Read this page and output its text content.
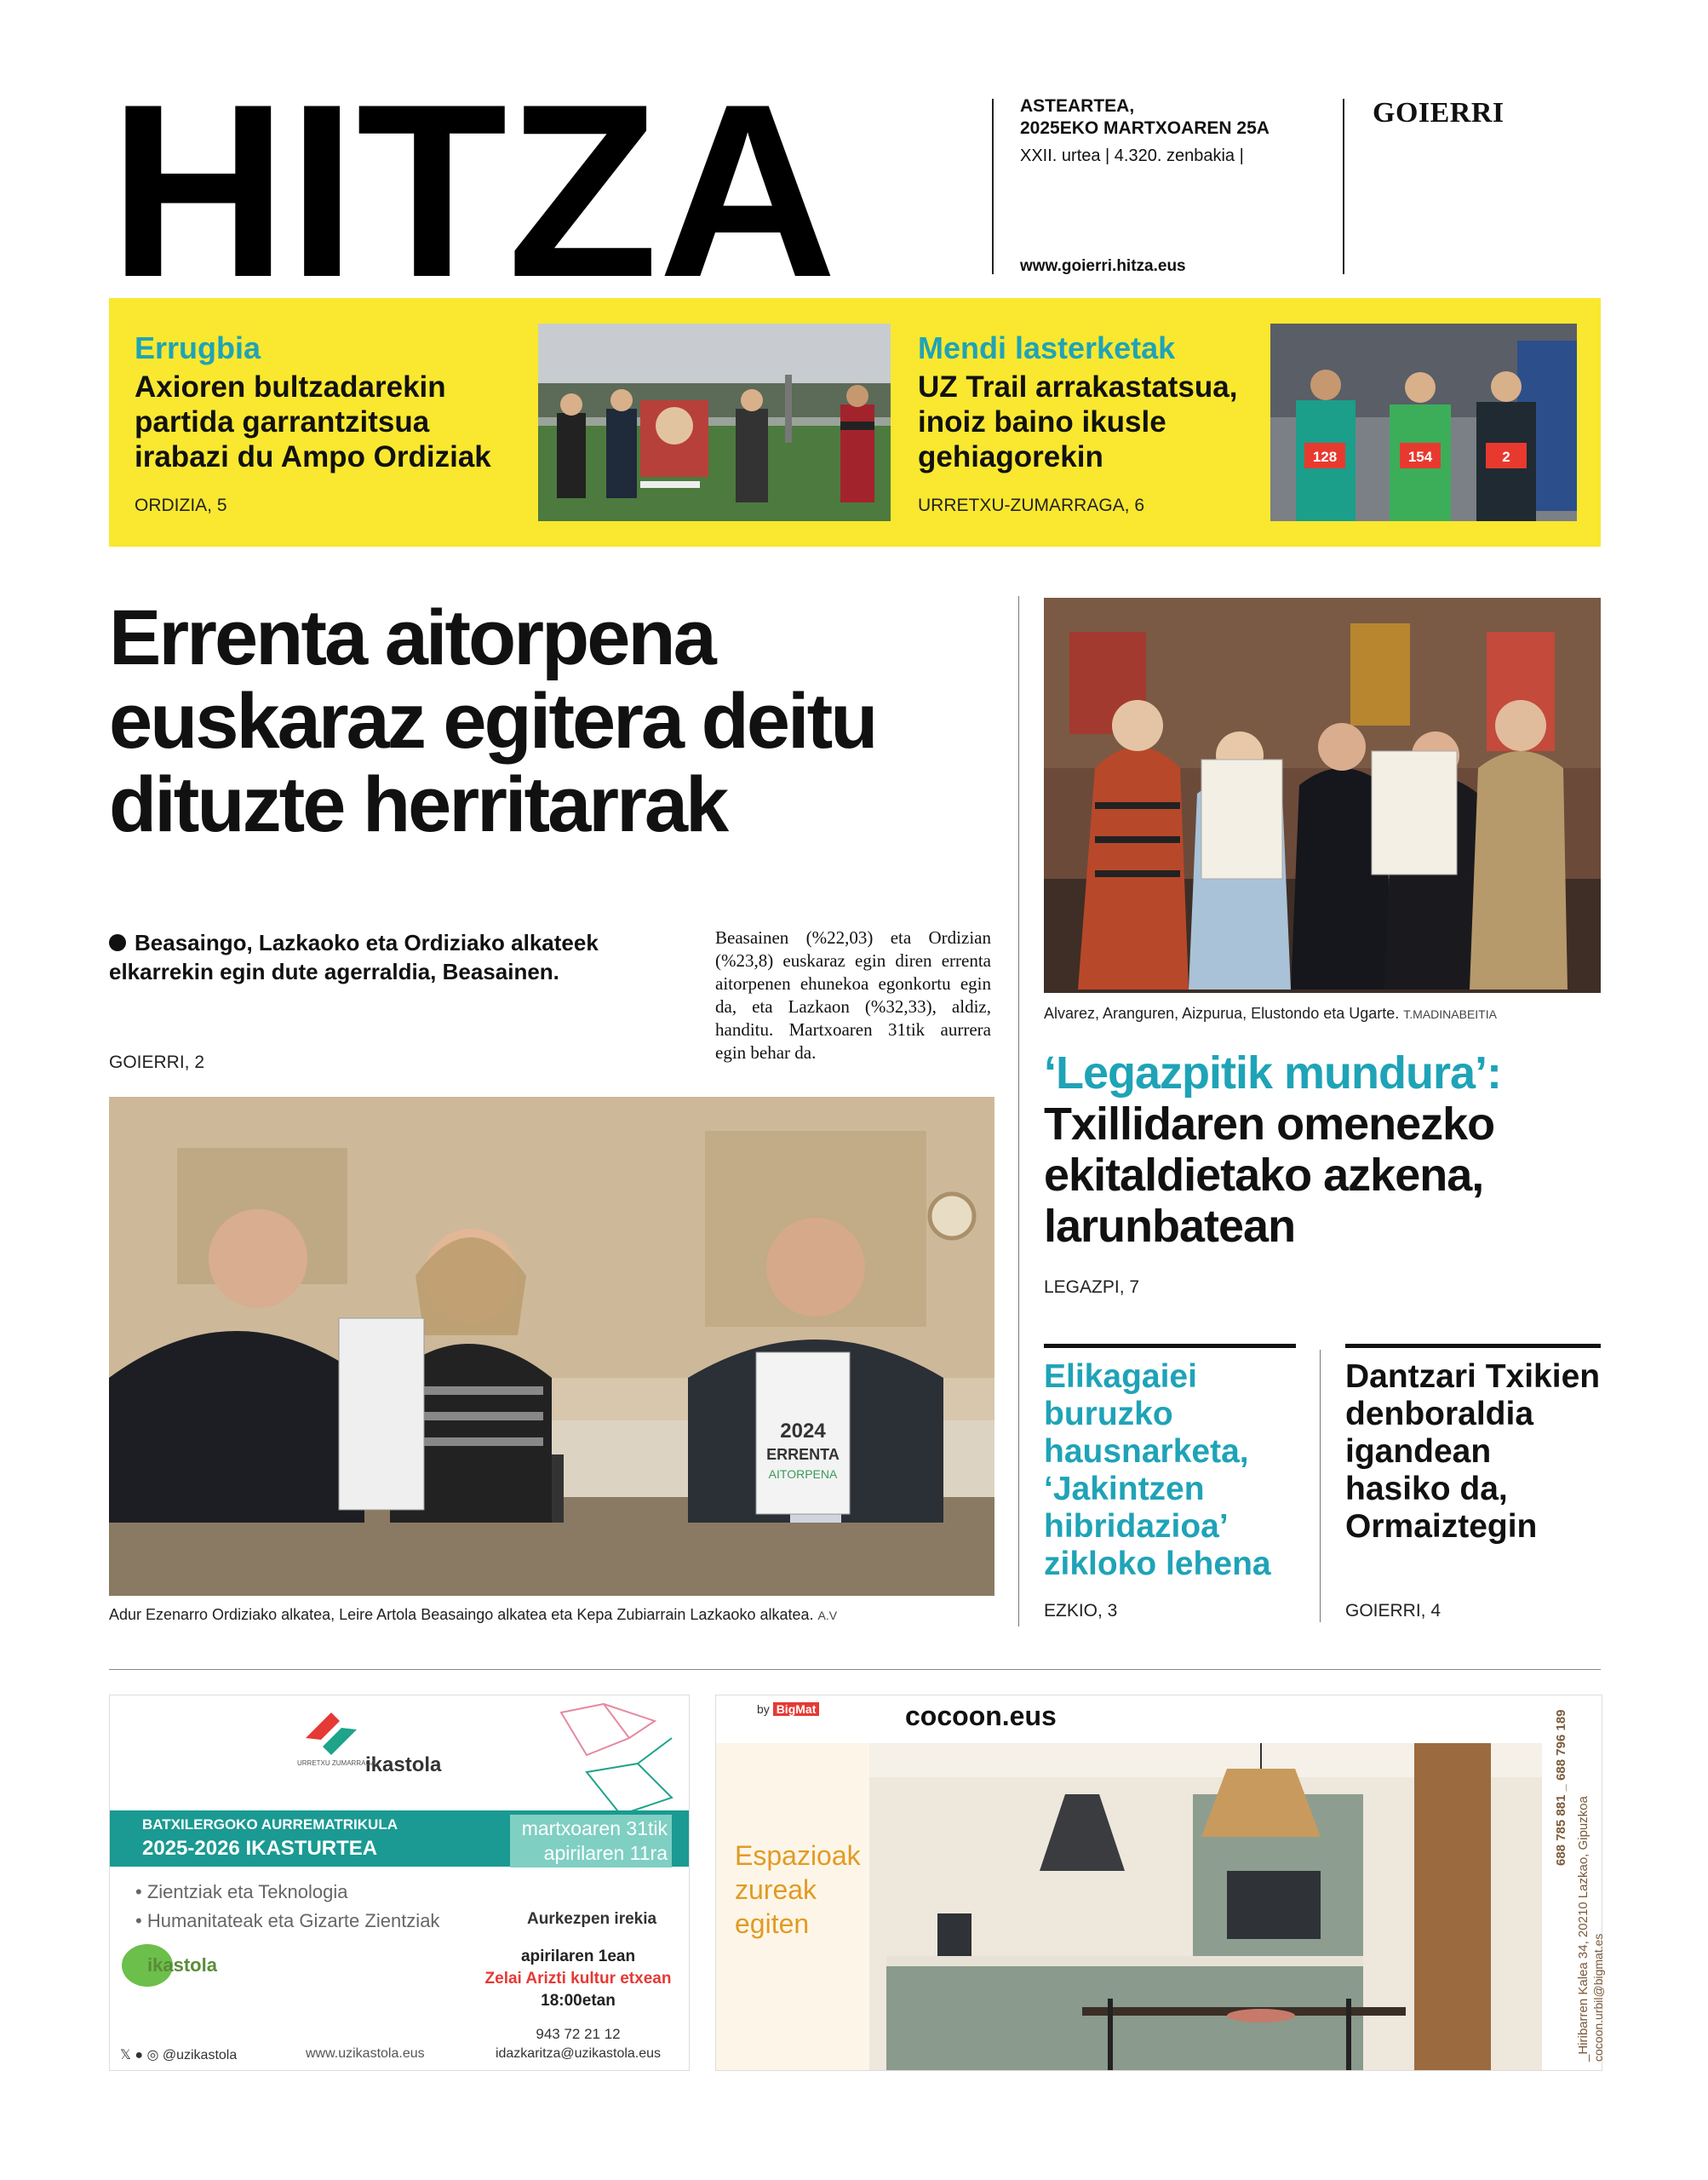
HITZA	ASTEARTEA,
2025EKO MARTXOAREN 25A
XXII. urtea | 4.320. zenbakia |
www.goierri.hitza.eus
GOIERRI
Errugbia
Axioren bultzadarekin partida garrantzitsua irabazi du Ampo Ordiziak
ORDIZIA, 5
Mendi lasterketak
UZ Trail arrakastatsua, inoiz baino ikusle gehiagorekin
URRETXU-ZUMARRAGA, 6
128	154	2
Errenta aitorpena euskaraz egitera deitu dituzte herritarrak
Beasaingo, Lazkaoko eta Ordiziako alkateek elkarrekin egin dute agerraldia, Beasainen.
Beasainen (%22,03) eta Ordizian (%23,8) euskaraz egin diren errenta aitorpenen ehunekoa egonkortu egin da, eta Lazkaon (%32,33), aldiz, handitu. Martxoaren 31tik aurrera egin behar da.
GOIERRI, 2
2024
ERRENTA
AITORPENA
Adur Ezenarro Ordiziako alkatea, Leire Artola Beasaingo alkatea eta Kepa Zubiarrain Lazkaoko alkatea. A.V
Alvarez, Aranguren, Aizpurua, Elustondo eta Ugarte. T.MADINABEITIA
‘Legazpitik mundura’:
Txillidaren omenezko ekitaldietako azkena, larunbatean
LEGAZPI, 7
Elikagaiei buruzko hausnarketa, ‘Jakintzen hibridazioa’ zikloko lehena
EZKIO, 3
Dantzari Txikien denboraldia igandean hasiko da, Ormaiztegin
GOIERRI, 4
ikastola
URRETXU ZUMARRAGA
BATXILERGOKO AURREMATRIKULA
2025-2026 IKASTURTEA
martxoaren 31tik
apirilaren 11ra
• Zientziak eta Teknologia
• Humanitateak eta Gizarte Zientziak	Aurkezpen irekia
apirilaren 1ean
Zelai Arizti kultur etxean
18:00etan
943 72 21 12
idazkaritza@uzikastola.eus
ikastola
𝕏 ● ◎ @uzikastola	www.uzikastola.eus
by BigMat	cocoon.eus
Espazioak
zureak
egiten	_Hiribarren Kalea 34, 20210 Lazkao, Gipuzkoa
688 785 881 _ 688 796 189
cocoon.urbil@bigmat.es
